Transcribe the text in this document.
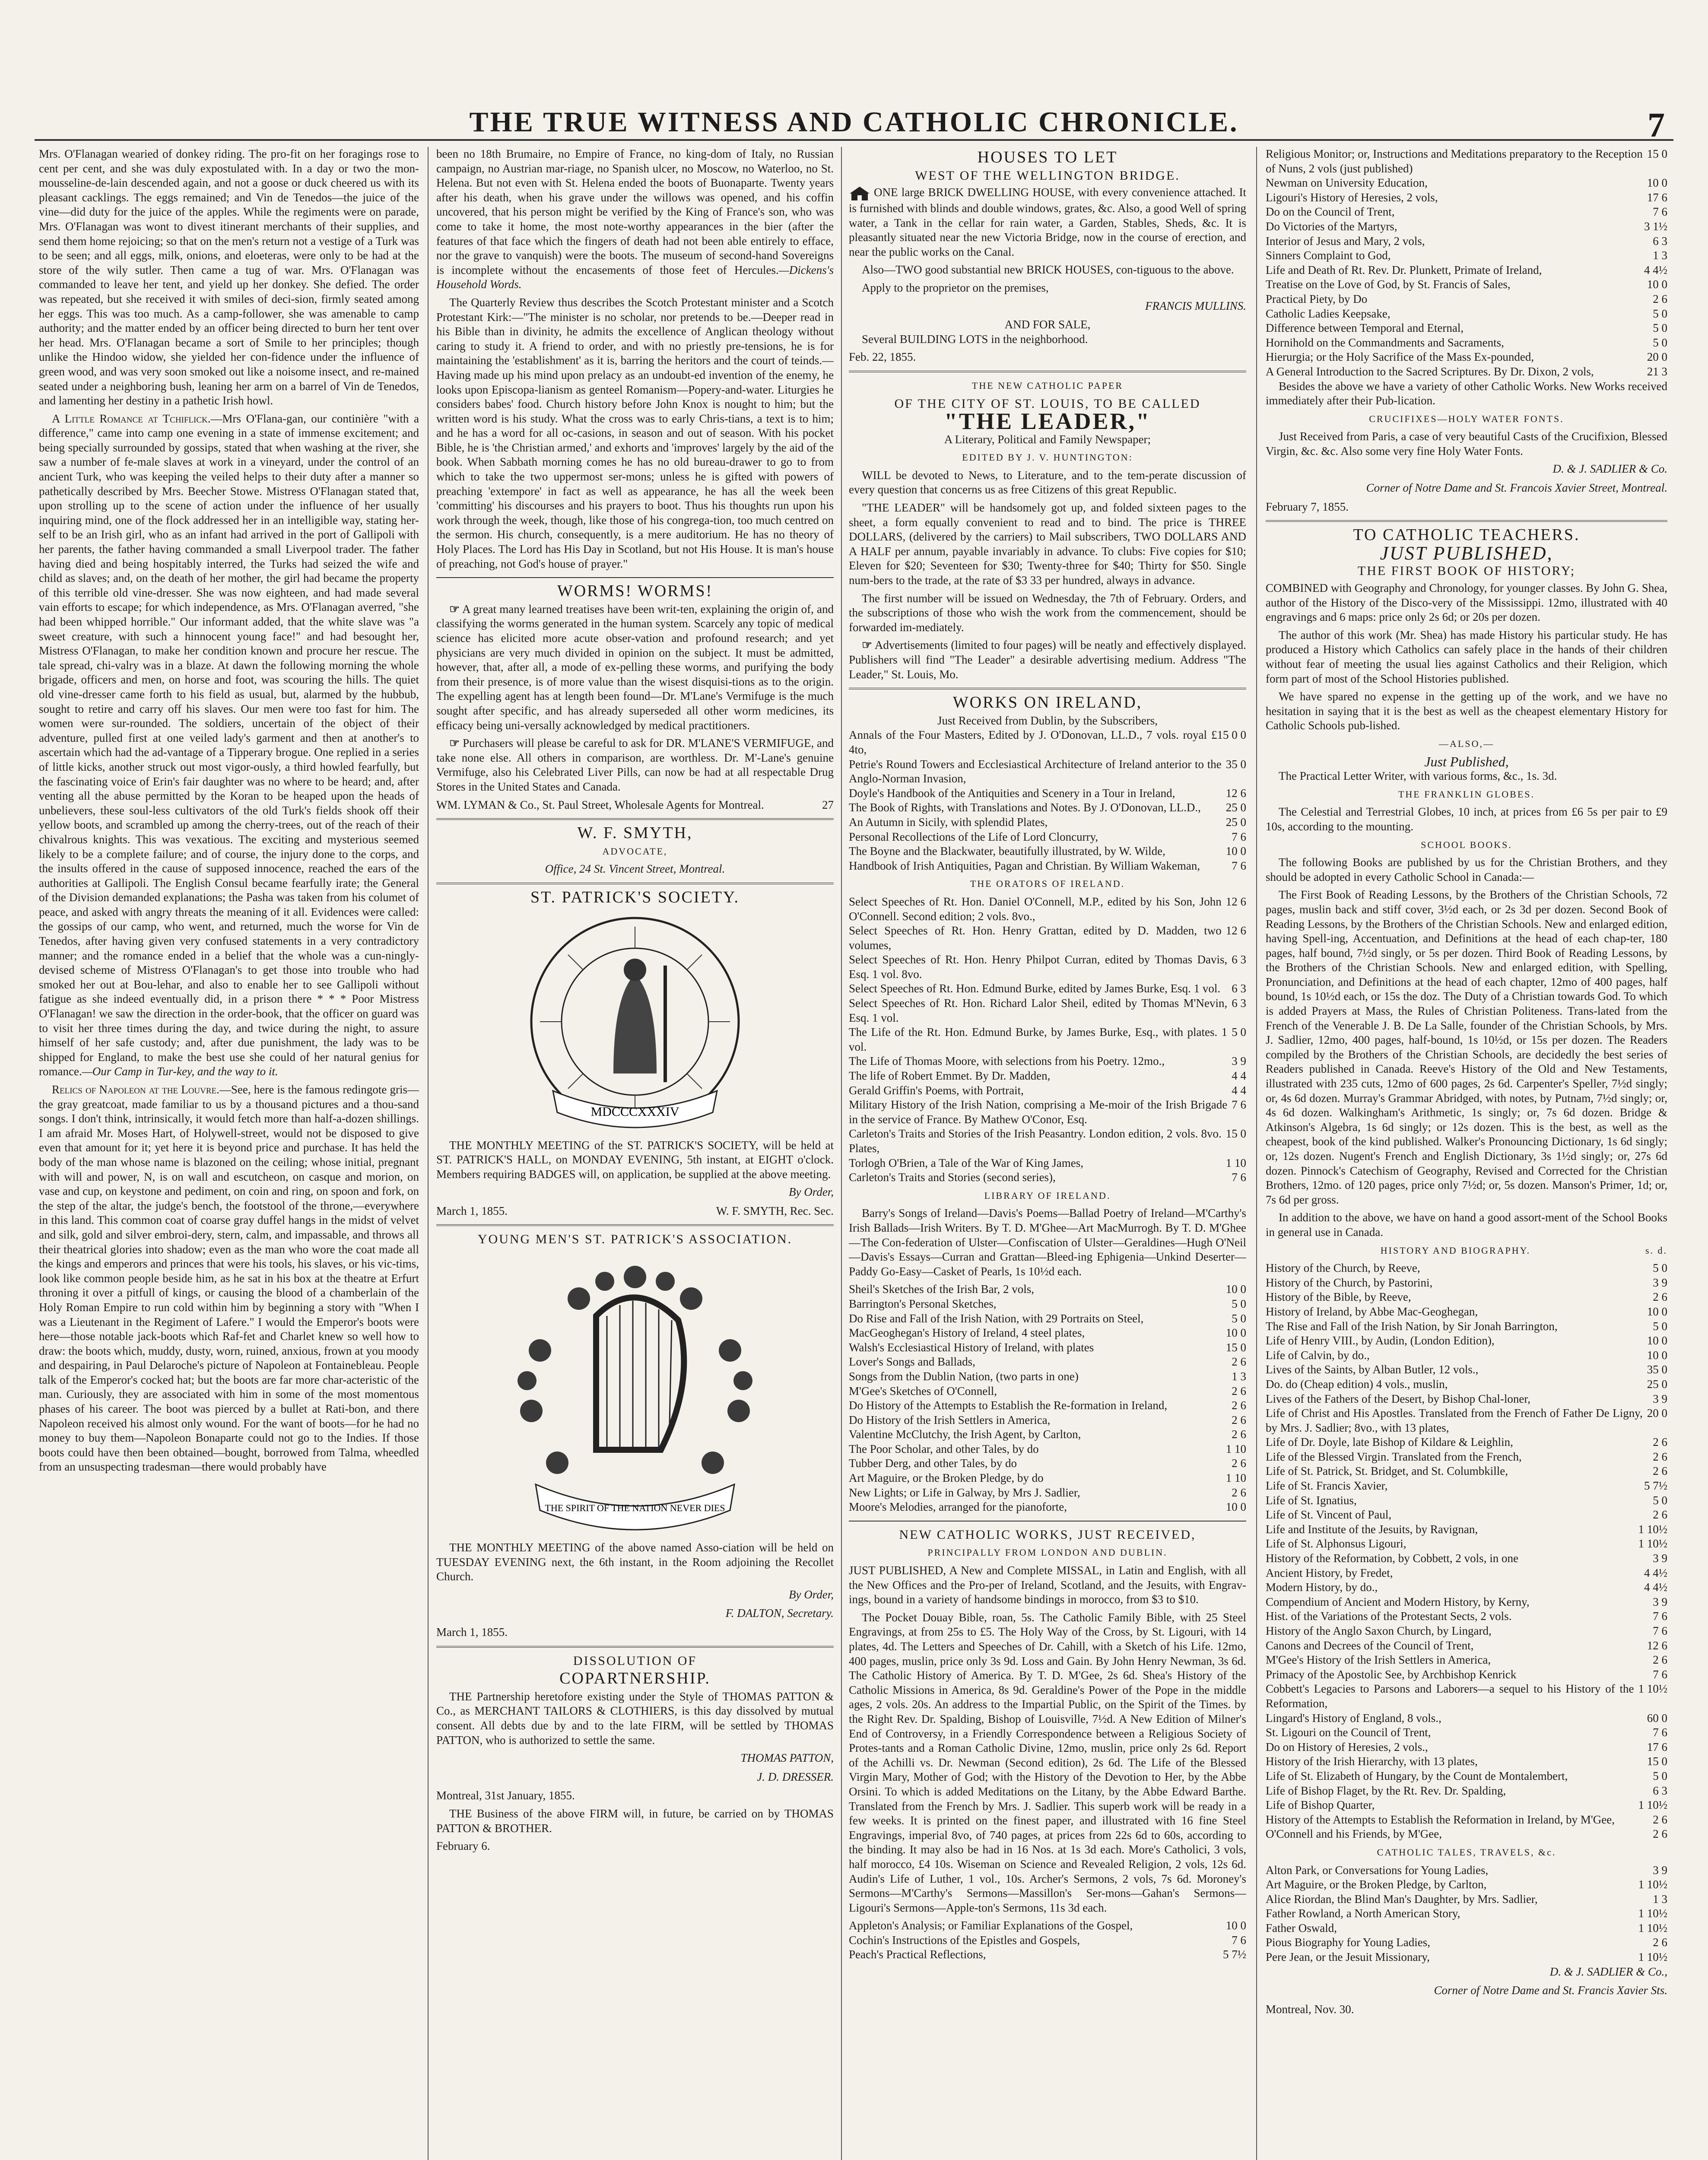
THE TRUE WITNESS AND CATHOLIC CHRONICLE.	7

Mrs. O'Flanagan wearied of donkey riding. The pro-fit on her foragings rose to cent per cent, and she was duly expostulated with. In a day or two the mon-mousseline-de-lain descended again, and not a goose or duck cheered us with its pleasant cacklings. The eggs remained; and Vin de Tenedos—the juice of the vine—did duty for the juice of the apples. While the regiments were on parade, Mrs. O'Flanagan was wont to divest itinerant merchants of their supplies, and send them home rejoicing; so that on the men's return not a vestige of a Turk was to be seen; and all eggs, milk, onions, and eloeteras, were only to be had at the store of the wily sutler. Then came a tug of war. Mrs. O'Flanagan was commanded to leave her tent, and yield up her donkey. She defied. The order was repeated, but she received it with smiles of deci-sion, firmly seated among her eggs. This was too much. As a camp-follower, she was amenable to camp authority; and the matter ended by an officer being directed to burn her tent over her head. Mrs. O'Flanagan became a sort of Smile to her principles; though unlike the Hindoo widow, she yielded her con-fidence under the influence of green wood, and was very soon smoked out like a noisome insect, and re-mained seated under a neighboring bush, leaning her arm on a barrel of Vin de Tenedos, and lamenting her destiny in a pathetic Irish howl.

A Little Romance at Tchiflick.—Mrs O'Flana-gan, our continière "with a difference," came into camp one evening in a state of immense excitement; and being specially surrounded by gossips, stated that when washing at the river, she saw a number of fe-male slaves at work in a vineyard, under the control of an ancient Turk, who was keeping the veiled helps to their duty after a manner so pathetically described by Mrs. Beecher Stowe. Mistress O'Flanagan stated that, upon strolling up to the scene of action under the influence of her usually inquiring mind, one of the flock addressed her in an intelligible way, stating her-self to be an Irish girl, who as an infant had arrived in the port of Gallipoli with her parents, the father having commanded a small Liverpool trader. The father having died and being hospitably interred, the Turks had seized the wife and child as slaves; and, on the death of her mother, the girl had became the property of this terrible old vine-dresser. She was now eighteen, and had made several vain efforts to escape; for which independence, as Mrs. O'Flanagan averred, "she had been whipped horrible." Our informant added, that the white slave was "a sweet creature, with such a hinnocent young face!" and had besought her, Mistress O'Flanagan, to make her condition known and procure her rescue. The tale spread, chi-valry was in a blaze. At dawn the following morning the whole brigade, officers and men, on horse and foot, was scouring the hills. The quiet old vine-dresser came forth to his field as usual, but, alarmed by the hubbub, sought to retire and carry off his slaves. Our men were too fast for him. The women were sur-rounded. The soldiers, uncertain of the object of their adventure, pulled first at one veiled lady's garment and then at another's to ascertain which had the ad-vantage of a Tipperary brogue. One replied in a series of little kicks, another struck out most vigor-ously, a third howled fearfully, but the fascinating voice of Erin's fair daughter was no where to be heard; and, after venting all the abuse permitted by the Koran to be heaped upon the heads of unbelievers, these soul-less cultivators of the old Turk's fields shook off their yellow boots, and scrambled up among the cherry-trees, out of the reach of their chivalrous knights. This was vexatious. The exciting and mysterious seemed likely to be a complete failure; and of course, the injury done to the corps, and the insults offered in the cause of supposed innocence, reached the ears of the authorities at Gallipoli. The English Consul became fearfully irate; the General of the Division demanded explanations; the Pasha was taken from his columet of peace, and asked with angry threats the meaning of it all. Evidences were called: the gossips of our camp, who went, and returned, much the worse for Vin de Tenedos, after having given very confused statements in a very contradictory manner; and the romance ended in a belief that the whole was a cun-ningly-devised scheme of Mistress O'Flanagan's to get those into trouble who had smoked her out at Bou-lehar, and also to enable her to see Gallipoli without fatigue as she indeed eventually did, in a prison there * * * Poor Mistress O'Flanagan! we saw the direction in the order-book, that the officer on guard was to visit her three times during the day, and twice during the night, to assure himself of her safe custody; and, after due punishment, the lady was to be shipped for England, to make the best use she could of her natural genius for romance.—Our Camp in Tur-key, and the way to it.

Relics of Napoleon at the Louvre.—See, here is the famous redingote gris—the gray greatcoat, made familiar to us by a thousand pictures and a thou-sand songs. I don't think, intrinsically, it would fetch more than half-a-dozen shillings. I am afraid Mr. Moses Hart, of Holywell-street, would not be disposed to give even that amount for it; yet here it is beyond price and purchase. It has held the body of the man whose name is blazoned on the ceiling; whose initial, pregnant with will and power, N, is on wall and escutcheon, on casque and morion, on vase and cup, on keystone and pediment, on coin and ring, on spoon and fork, on the step of the altar, the judge's bench, the footstool of the throne,—everywhere in this land. This common coat of coarse gray duffel hangs in the midst of velvet and silk, gold and silver embroi-dery, stern, calm, and impassable, and throws all their theatrical glories into shadow; even as the man who wore the coat made all the kings and emperors and princes that were his tools, his slaves, or his vic-tims, look like common people beside him, as he sat in his box at the theatre at Erfurt throning it over a pitfull of kings, or causing the blood of a chamberlain of the Holy Roman Empire to run cold within him by beginning a story with "When I was a Lieutenant in the Regiment of Lafere." I would the Emperor's boots were here—those notable jack-boots which Raf-fet and Charlet knew so well how to draw: the boots which, muddy, dusty, worn, ruined, anxious, frown at you moody and despairing, in Paul Delaroche's picture of Napoleon at Fontainebleau. People talk of the Emperor's cocked hat; but the boots are far more char-acteristic of the man. Curiously, they are associated with him in some of the most momentous phases of his career. The boot was pierced by a bullet at Rati-bon, and there Napoleon received his almost only wound. For the want of boots—for he had no money to buy them—Napoleon Bonaparte could not go to the Indies. If those boots could have then been obtained—bought, borrowed from Talma, wheedled from an unsuspecting tradesman—there would probably have

been no 18th Brumaire, no Empire of France, no king-dom of Italy, no Russian campaign, no Austrian mar-riage, no Spanish ulcer, no Moscow, no Waterloo, no St. Helena. But not even with St. Helena ended the boots of Buonaparte. Twenty years after his death, when his grave under the willows was opened, and his coffin uncovered, that his person might be verified by the King of France's son, who was come to take it home, the most note-worthy appearances in the bier (after the features of that face which the fingers of death had not been able entirely to efface, nor the grave to vanquish) were the boots. The museum of second-hand Sovereigns is incomplete without the encasements of those feet of Hercules.—Dickens's Household Words.

The Quarterly Review thus describes the Scotch Protestant minister and a Scotch Protestant Kirk:—"The minister is no scholar, nor pretends to be.—Deeper read in his Bible than in divinity, he admits the excellence of Anglican theology without caring to study it. A friend to order, and with no priestly pre-tensions, he is for maintaining the 'establishment' as it is, barring the heritors and the court of teinds.—Having made up his mind upon prelacy as an undoubt-ed invention of the enemy, he looks upon Episcopa-lianism as genteel Romanism—Popery-and-water. Liturgies he considers babes' food. Church history before John Knox is nought to him; but the written word is his study. What the cross was to early Chris-tians, a text is to him; and he has a word for all oc-casions, in season and out of season. With his pocket Bible, he is 'the Christian armed,' and exhorts and 'improves' largely by the aid of the book. When Sabbath morning comes he has no old bureau-drawer to go to from which to take the two uppermost ser-mons; unless he is gifted with powers of preaching 'extempore' in fact as well as appearance, he has all the week been 'committing' his discourses and his prayers to boot. Thus his thoughts run upon his work through the week, though, like those of his congrega-tion, too much centred on the sermon. His church, consequently, is a mere auditorium. He has no theory of Holy Places. The Lord has His Day in Scotland, but not His House. It is man's house of preaching, not God's house of prayer."

WORMS! WORMS!

☞ A great many learned treatises have been writ-ten, explaining the origin of, and classifying the worms generated in the human system. Scarcely any topic of medical science has elicited more acute obser-vation and profound research; and yet physicians are very much divided in opinion on the subject. It must be admitted, however, that, after all, a mode of ex-pelling these worms, and purifying the body from their presence, is of more value than the wisest disquisi-tions as to the origin. The expelling agent has at length been found—Dr. M'Lane's Vermifuge is the much sought after specific, and has already superseded all other worm medicines, its efficacy being uni-versally acknowledged by medical practitioners.

☞ Purchasers will please be careful to ask for DR. M'LANE'S VERMIFUGE, and take none else. All others in comparison, are worthless. Dr. M'-Lane's genuine Vermifuge, also his Celebrated Liver Pills, can now be had at all respectable Drug Stores in the United States and Canada.

WM. LYMAN & Co., St. Paul Street, Wholesale Agents for Montreal.	27

W. F. SMYTH,
ADVOCATE,
Office, 24 St. Vincent Street, Montreal.
ST. PATRICK'S SOCIETY.
MDCCCXXXIV

THE MONTHLY MEETING of the ST. PATRICK'S SOCIETY, will be held at ST. PATRICK'S HALL, on MONDAY EVENING, 5th instant, at EIGHT o'clock. Members requiring BADGES will, on application, be supplied at the above meeting.

By Order,

March 1, 1855.	W. F. SMYTH, Rec. Sec.

YOUNG MEN'S ST. PATRICK'S ASSOCIATION.
THE SPIRIT OF THE NATION NEVER DIES

THE MONTHLY MEETING of the above named Asso-ciation will be held on TUESDAY EVENING next, the 6th instant, in the Room adjoining the Recollet Church.

By Order,
F. DALTON, Secretary.

March 1, 1855.

DISSOLUTION OF
COPARTNERSHIP.

THE Partnership heretofore existing under the Style of THOMAS PATTON & Co., as MERCHANT TAILORS & CLOTHIERS, is this day dissolved by mutual consent. All debts due by and to the late FIRM, will be settled by THOMAS PATTON, who is authorized to settle the same.

THOMAS PATTON,
J. D. DRESSER.

Montreal, 31st January, 1855.

THE Business of the above FIRM will, in future, be carried on by THOMAS PATTON & BROTHER.

February 6.

HOUSES TO LET
WEST OF THE WELLINGTON BRIDGE.

ONE large BRICK DWELLING HOUSE, with every convenience attached. It is furnished with blinds and double windows, grates, &c. Also, a good Well of spring water, a Tank in the cellar for rain water, a Garden, Stables, Sheds, &c. It is pleasantly situated near the new Victoria Bridge, now in the course of erection, and near the public works on the Canal.

Also—TWO good substantial new BRICK HOUSES, con-tiguous to the above.

Apply to the proprietor on the premises,

FRANCIS MULLINS.
AND FOR SALE,

Several BUILDING LOTS in the neighborhood.

Feb. 22, 1855.

THE NEW CATHOLIC PAPER
OF THE CITY OF ST. LOUIS, TO BE CALLED
"THE LEADER,"
A Literary, Political and Family Newspaper;
EDITED BY J. V. HUNTINGTON:

WILL be devoted to News, to Literature, and to the tem-perate discussion of every question that concerns us as free Citizens of this great Republic.

"THE LEADER" will be handsomely got up, and folded sixteen pages to the sheet, a form equally convenient to read and to bind. The price is THREE DOLLARS, (delivered by the carriers) to Mail subscribers, TWO DOLLARS AND A HALF per annum, payable invariably in advance. To clubs: Five copies for $10; Eleven for $20; Seventeen for $30; Twenty-three for $40; Thirty for $50. Single num-bers to the trade, at the rate of $3 33 per hundred, always in advance.

The first number will be issued on Wednesday, the 7th of February. Orders, and the subscriptions of those who wish the work from the commencement, should be forwarded im-mediately.

☞ Advertisements (limited to four pages) will be neatly and effectively displayed. Publishers will find "The Leader" a desirable advertising medium. Address "The Leader," St. Louis, Mo.

WORKS ON IRELAND,
Just Received from Dublin, by the Subscribers,
Annals of the Four Masters, Edited by J. O'Donovan, LL.D., 7 vols. royal 4to,
£15 0 0
Petrie's Round Towers and Ecclesiastical Architecture of Ireland anterior to the Anglo-Norman Invasion,
35 0
Doyle's Handbook of the Antiquities and Scenery in a Tour in Ireland,	12 6
The Book of Rights, with Translations and Notes. By J. O'Donovan, LL.D.,	25 0
An Autumn in Sicily, with splendid Plates,	25 0
Personal Recollections of the Life of Lord Cloncurry,	7 6
The Boyne and the Blackwater, beautifully illustrated, by W. Wilde,	10 0
Handbook of Irish Antiquities, Pagan and Christian. By William Wakeman,	7 6
THE ORATORS OF IRELAND.
Select Speeches of Rt. Hon. Daniel O'Connell, M.P., edited by his Son, John O'Connell. Second edition; 2 vols. 8vo.,
12 6
Select Speeches of Rt. Hon. Henry Grattan, edited by D. Madden, two volumes,
12 6
Select Speeches of Rt. Hon. Henry Philpot Curran, edited by Thomas Davis, Esq. 1 vol. 8vo.
6 3
Select Speeches of Rt. Hon. Edmund Burke, edited by James Burke, Esq. 1 vol. 6 3
Select Speeches of Rt. Hon. Richard Lalor Sheil, edited by Thomas M'Nevin, Esq. 1 vol.
6 3
The Life of the Rt. Hon. Edmund Burke, by James Burke, Esq., with plates. 1 vol.
5 0
The Life of Thomas Moore, with selections from his Poetry. 12mo.,	3 9
The life of Robert Emmet. By Dr. Madden,	4 4
Gerald Griffin's Poems, with Portrait,	4 4
Military History of the Irish Nation, comprising a Me-moir of the Irish Brigade in the service of France. By Mathew O'Conor, Esq.
7 6
Carleton's Traits and Stories of the Irish Peasantry. London edition, 2 vols. 8vo. Plates,
15 0
Torlogh O'Brien, a Tale of the War of King James,	1 10
Carleton's Traits and Stories (second series),	7 6
LIBRARY OF IRELAND.

Barry's Songs of Ireland—Davis's Poems—Ballad Poetry of Ireland—M'Carthy's Irish Ballads—Irish Writers. By T. D. M'Ghee—Art MacMurrogh. By T. D. M'Ghee—The Con-federation of Ulster—Confiscation of Ulster—Geraldines—Hugh O'Neil—Davis's Essays—Curran and Grattan—Bleed-ing Ephigenia—Unkind Deserter—Paddy Go-Easy—Casket of Pearls, 1s 10½d each.

Sheil's Sketches of the Irish Bar, 2 vols,	10 0
Barrington's Personal Sketches,	5 0
Do Rise and Fall of the Irish Nation, with 29 Portraits on Steel,	5 0
MacGeoghegan's History of Ireland, 4 steel plates,	10 0
Walsh's Ecclesiastical History of Ireland, with plates	15 0
Lover's Songs and Ballads,	2 6
Songs from the Dublin Nation, (two parts in one)	1 3
M'Gee's Sketches of O'Connell,	2 6
Do History of the Attempts to Establish the Re-formation in Ireland,	2 6
Do History of the Irish Settlers in America,	2 6
Valentine McClutchy, the Irish Agent, by Carlton,	2 6
The Poor Scholar, and other Tales, by do	1 10
Tubber Derg, and other Tales, by do	2 6
Art Maguire, or the Broken Pledge, by do	1 10
New Lights; or Life in Galway, by Mrs J. Sadlier,	2 6
Moore's Melodies, arranged for the pianoforte,	10 0
NEW CATHOLIC WORKS, JUST RECEIVED,
PRINCIPALLY FROM LONDON AND DUBLIN.

JUST PUBLISHED, A New and Complete MISSAL, in Latin and English, with all the New Offices and the Pro-per of Ireland, Scotland, and the Jesuits, with Engrav-ings, bound in a variety of handsome bindings in morocco, from $3 to $10.

The Pocket Douay Bible, roan, 5s. The Catholic Family Bible, with 25 Steel Engravings, at from 25s to £5. The Holy Way of the Cross, by St. Ligouri, with 14 plates, 4d. The Letters and Speeches of Dr. Cahill, with a Sketch of his Life. 12mo, 400 pages, muslin, price only 3s 9d. Loss and Gain. By John Henry Newman, 3s 6d. The Catholic History of America. By T. D. M'Gee, 2s 6d. Shea's History of the Catholic Missions in America, 8s 9d. Geraldine's Power of the Pope in the middle ages, 2 vols. 20s. An address to the Impartial Public, on the Spirit of the Times. by the Right Rev. Dr. Spalding, Bishop of Louisville, 7½d. A New Edition of Milner's End of Controversy, in a Friendly Correspondence between a Religious Society of Protes-tants and a Roman Catholic Divine, 12mo, muslin, price only 2s 6d. Report of the Achilli vs. Dr. Newman (Second edition), 2s 6d. The Life of the Blessed Virgin Mary, Mother of God; with the History of the Devotion to Her, by the Abbe Orsini. To which is added Meditations on the Litany, by the Abbe Edward Barthe. Translated from the French by Mrs. J. Sadlier. This superb work will be ready in a few weeks. It is printed on the finest paper, and illustrated with 16 fine Steel Engravings, imperial 8vo, of 740 pages, at prices from 22s 6d to 60s, according to the binding. It may also be had in 16 Nos. at 1s 3d each. More's Catholici, 3 vols, half morocco, £4 10s. Wiseman on Science and Revealed Religion, 2 vols, 12s 6d. Audin's Life of Luther, 1 vol., 10s. Archer's Sermons, 2 vols, 7s 6d. Moroney's Sermons—M'Carthy's Sermons—Massillon's Ser-mons—Gahan's Sermons—Ligouri's Sermons—Apple-ton's Sermons, 11s 3d each.

Appleton's Analysis; or Familiar Explanations of the Gospel,	10 0
Cochin's Instructions of the Epistles and Gospels,	7 6
Peach's Practical Reflections,	5 7½
Religious Monitor; or, Instructions and Meditations preparatory to the Reception of Nuns, 2 vols (just published)
15 0
Newman on University Education,	10 0
Ligouri's History of Heresies, 2 vols,	17 6
Do on the Council of Trent,	7 6
Do Victories of the Martyrs,	3 1½
Interior of Jesus and Mary, 2 vols,	6 3
Sinners Complaint to God,	1 3
Life and Death of Rt. Rev. Dr. Plunkett, Primate of Ireland,	4 4½
Treatise on the Love of God, by St. Francis of Sales,	10 0
Practical Piety, by Do	2 6
Catholic Ladies Keepsake,	5 0
Difference between Temporal and Eternal,	5 0
Hornihold on the Commandments and Sacraments,	5 0
Hierurgia; or the Holy Sacrifice of the Mass Ex-pounded,	20 0
A General Introduction to the Sacred Scriptures. By Dr. Dixon, 2 vols,	21 3

Besides the above we have a variety of other Catholic Works. New Works received immediately after their Pub-lication.

CRUCIFIXES—HOLY WATER FONTS.

Just Received from Paris, a case of very beautiful Casts of the Crucifixion, Blessed Virgin, &c. &c. Also some very fine Holy Water Fonts.

D. & J. SADLIER & Co.
Corner of Notre Dame and St. Francois Xavier Street, Montreal.

February 7, 1855.

TO CATHOLIC TEACHERS.
JUST PUBLISHED,
THE FIRST BOOK OF HISTORY;

COMBINED with Geography and Chronology, for younger classes. By John G. Shea, author of the History of the Disco-very of the Mississippi. 12mo, illustrated with 40 engravings and 6 maps: price only 2s 6d; or 20s per dozen.

The author of this work (Mr. Shea) has made History his particular study. He has produced a History which Catholics can safely place in the hands of their children without fear of meeting the usual lies against Catholics and their Religion, which form part of most of the School Histories published.

We have spared no expense in the getting up of the work, and we have no hesitation in saying that it is the best as well as the cheapest elementary History for Catholic Schools pub-lished.

—ALSO,—
Just Published,

The Practical Letter Writer, with various forms, &c., 1s. 3d.

THE FRANKLIN GLOBES.

The Celestial and Terrestrial Globes, 10 inch, at prices from £6 5s per pair to £9 10s, according to the mounting.

SCHOOL BOOKS.

The following Books are published by us for the Christian Brothers, and they should be adopted in every Catholic School in Canada:—

The First Book of Reading Lessons, by the Brothers of the Christian Schools, 72 pages, muslin back and stiff cover, 3½d each, or 2s 3d per dozen. Second Book of Reading Lessons, by the Brothers of the Christian Schools. New and enlarged edition, having Spell-ing, Accentuation, and Definitions at the head of each chap-ter, 180 pages, half bound, 7½d singly, or 5s per dozen. Third Book of Reading Lessons, by the Brothers of the Christian Schools. New and enlarged edition, with Spelling, Pronunciation, and Definitions at the head of each chapter, 12mo of 400 pages, half bound, 1s 10½d each, or 15s the doz. The Duty of a Christian towards God. To which is added Prayers at Mass, the Rules of Christian Politeness. Trans-lated from the French of the Venerable J. B. De La Salle, founder of the Christian Schools, by Mrs. J. Sadlier, 12mo, 400 pages, half-bound, 1s 10½d, or 15s per dozen. The Readers compiled by the Brothers of the Christian Schools, are decidedly the best series of Readers published in Canada. Reeve's History of the Old and New Testaments, illustrated with 235 cuts, 12mo of 600 pages, 2s 6d. Carpenter's Speller, 7½d singly; or, 4s 6d dozen. Murray's Grammar Abridged, with notes, by Putnam, 7½d singly; or, 4s 6d dozen. Walkingham's Arithmetic, 1s singly; or, 7s 6d dozen. Bridge & Atkinson's Algebra, 1s 6d singly; or 12s dozen. This is the best, as well as the cheapest, book of the kind published. Walker's Pronouncing Dictionary, 1s 6d singly; or, 12s dozen. Nugent's French and English Dictionary, 3s 1½d singly; or, 27s 6d dozen. Pinnock's Catechism of Geography, Revised and Corrected for the Christian Brothers, 12mo. of 120 pages, price only 7½d; or, 5s dozen. Manson's Primer, 1d; or, 7s 6d per gross.

In addition to the above, we have on hand a good assort-ment of the School Books in general use in Canada.

HISTORY AND BIOGRAPHY.	s. d.
History of the Church, by Reeve,	5 0
History of the Church, by Pastorini,	3 9
History of the Bible, by Reeve,	2 6
History of Ireland, by Abbe Mac-Geoghegan,	10 0
The Rise and Fall of the Irish Nation, by Sir Jonah Barrington,	5 0
Life of Henry VIII., by Audin, (London Edition),	10 0
Life of Calvin, by do.,	10 0
Lives of the Saints, by Alban Butler, 12 vols.,	35 0
Do. do (Cheap edition) 4 vols., muslin,	25 0
Lives of the Fathers of the Desert, by Bishop Chal-loner,	3 9
Life of Christ and His Apostles. Translated from the French of Father De Ligny, by Mrs. J. Sadlier; 8vo., with 13 plates,
20 0
Life of Dr. Doyle, late Bishop of Kildare & Leighlin,	2 6
Life of the Blessed Virgin. Translated from the French,	2 6
Life of St. Patrick, St. Bridget, and St. Columbkille,	2 6
Life of St. Francis Xavier,	5 7½
Life of St. Ignatius,	5 0
Life of St. Vincent of Paul,	2 6
Life and Institute of the Jesuits, by Ravignan,	1 10½
Life of St. Alphonsus Ligouri,	1 10½
History of the Reformation, by Cobbett, 2 vols, in one	3 9
Ancient History, by Fredet,	4 4½
Modern History, by do.,	4 4½
Compendium of Ancient and Modern History, by Kerny,	3 9
Hist. of the Variations of the Protestant Sects, 2 vols.	7 6
History of the Anglo Saxon Church, by Lingard,	7 6
Canons and Decrees of the Council of Trent,	12 6
M'Gee's History of the Irish Settlers in America,	2 6
Primacy of the Apostolic See, by Archbishop Kenrick	7 6
Cobbett's Legacies to Parsons and Laborers—a sequel to his History of the Reformation,
1 10½
Lingard's History of England, 8 vols.,	60 0
St. Ligouri on the Council of Trent,	7 6
Do on History of Heresies, 2 vols.,	17 6
History of the Irish Hierarchy, with 13 plates,	15 0
Life of St. Elizabeth of Hungary, by the Count de Montalembert,	5 0
Life of Bishop Flaget, by the Rt. Rev. Dr. Spalding,	6 3
Life of Bishop Quarter,	1 10½
History of the Attempts to Establish the Reformation in Ireland, by M'Gee,	2 6
O'Connell and his Friends, by M'Gee,	2 6
CATHOLIC TALES, TRAVELS, &c.
Alton Park, or Conversations for Young Ladies,	3 9
Art Maguire, or the Broken Pledge, by Carlton,	1 10½
Alice Riordan, the Blind Man's Daughter, by Mrs. Sadlier,	1 3
Father Rowland, a North American Story,	1 10½
Father Oswald,	1 10½
Pious Biography for Young Ladies,	2 6
Pere Jean, or the Jesuit Missionary,	1 10½
D. & J. SADLIER & Co.,
Corner of Notre Dame and St. Francis Xavier Sts.

Montreal, Nov. 30.
